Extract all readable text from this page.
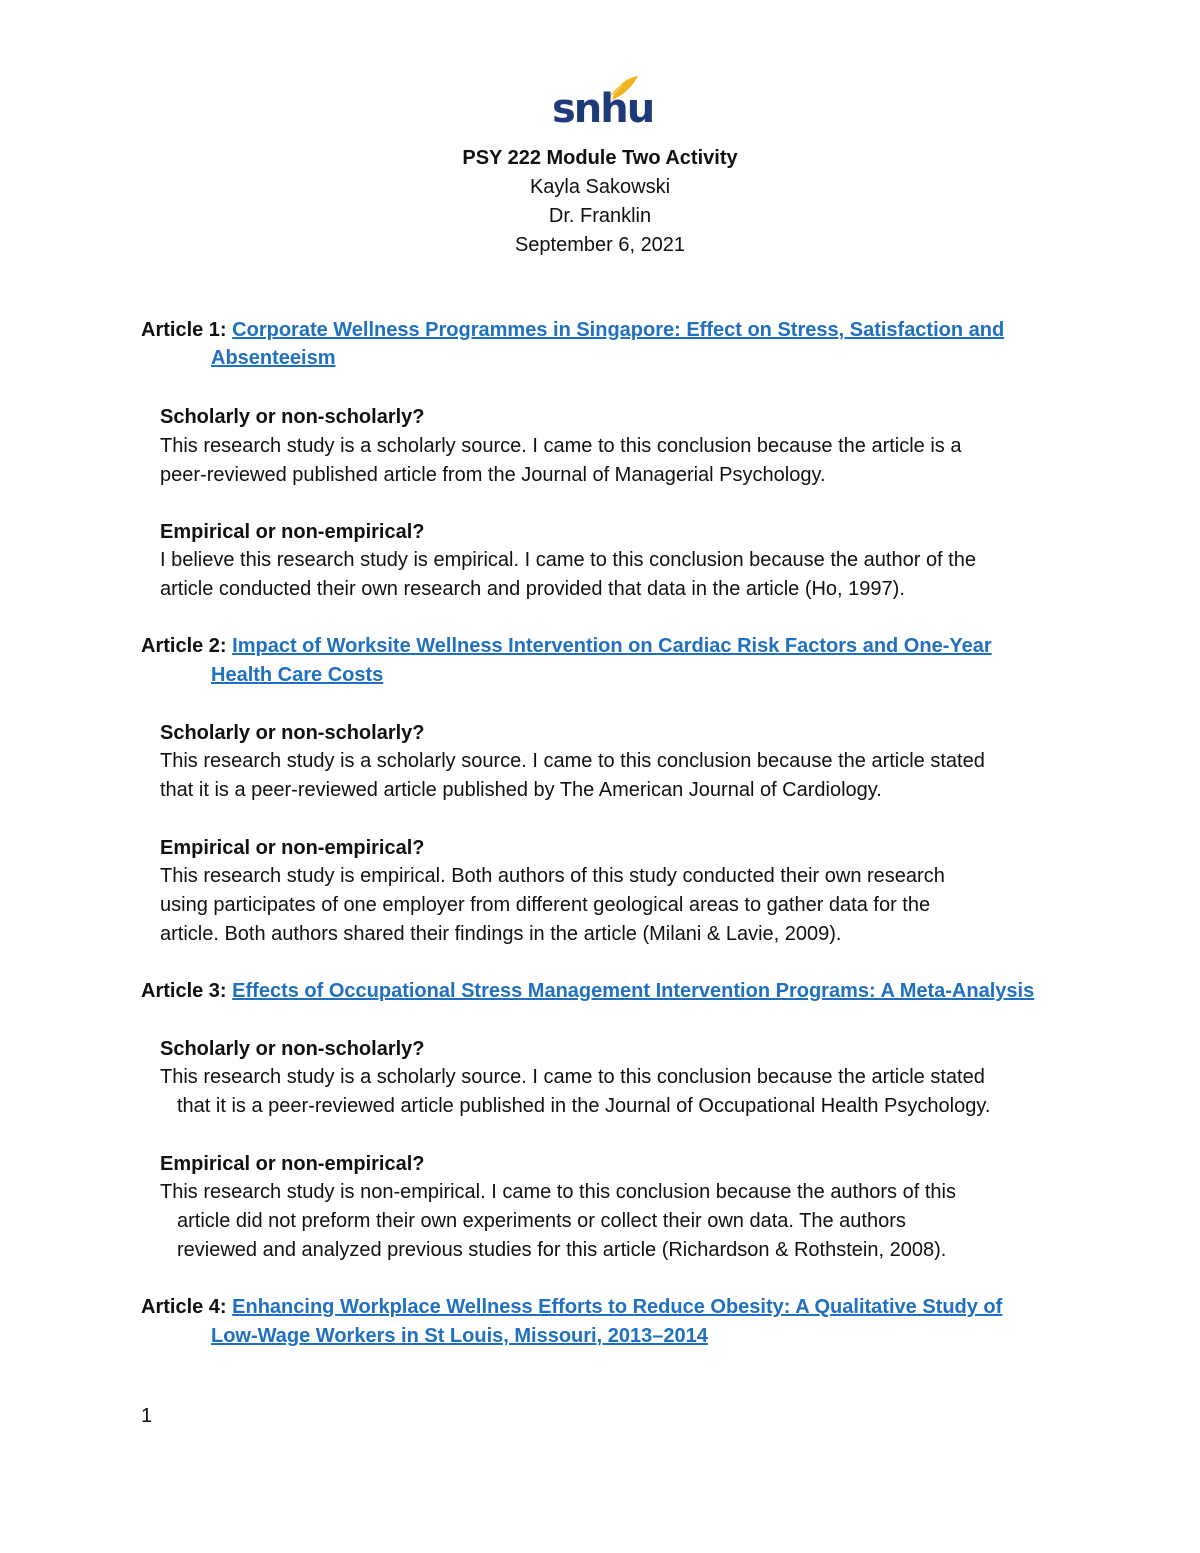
snhu
PSY 222 Module Two Activity
Kayla Sakowski
Dr. Franklin
September 6, 2021
Article 1: Corporate Wellness Programmes in Singapore: Effect on Stress, Satisfaction and
Absenteeism
Scholarly or non-scholarly?
This research study is a scholarly source. I came to this conclusion because the article is a
peer-reviewed published article from the Journal of Managerial Psychology.
Empirical or non-empirical?
I believe this research study is empirical. I came to this conclusion because the author of the
article conducted their own research and provided that data in the article (Ho, 1997).
Article 2: Impact of Worksite Wellness Intervention on Cardiac Risk Factors and One-Year
Health Care Costs
Scholarly or non-scholarly?
This research study is a scholarly source. I came to this conclusion because the article stated
that it is a peer-reviewed article published by The American Journal of Cardiology.
Empirical or non-empirical?
This research study is empirical. Both authors of this study conducted their own research
using participates of one employer from different geological areas to gather data for the
article. Both authors shared their findings in the article (Milani & Lavie, 2009).
Article 3: Effects of Occupational Stress Management Intervention Programs: A Meta-Analysis
Scholarly or non-scholarly?
This research study is a scholarly source. I came to this conclusion because the article stated
that it is a peer-reviewed article published in the Journal of Occupational Health Psychology.
Empirical or non-empirical?
This research study is non-empirical. I came to this conclusion because the authors of this
article did not preform their own experiments or collect their own data. The authors
reviewed and analyzed previous studies for this article (Richardson & Rothstein, 2008).
Article 4: Enhancing Workplace Wellness Efforts to Reduce Obesity: A Qualitative Study of
Low-Wage Workers in St Louis, Missouri, 2013–2014
1
